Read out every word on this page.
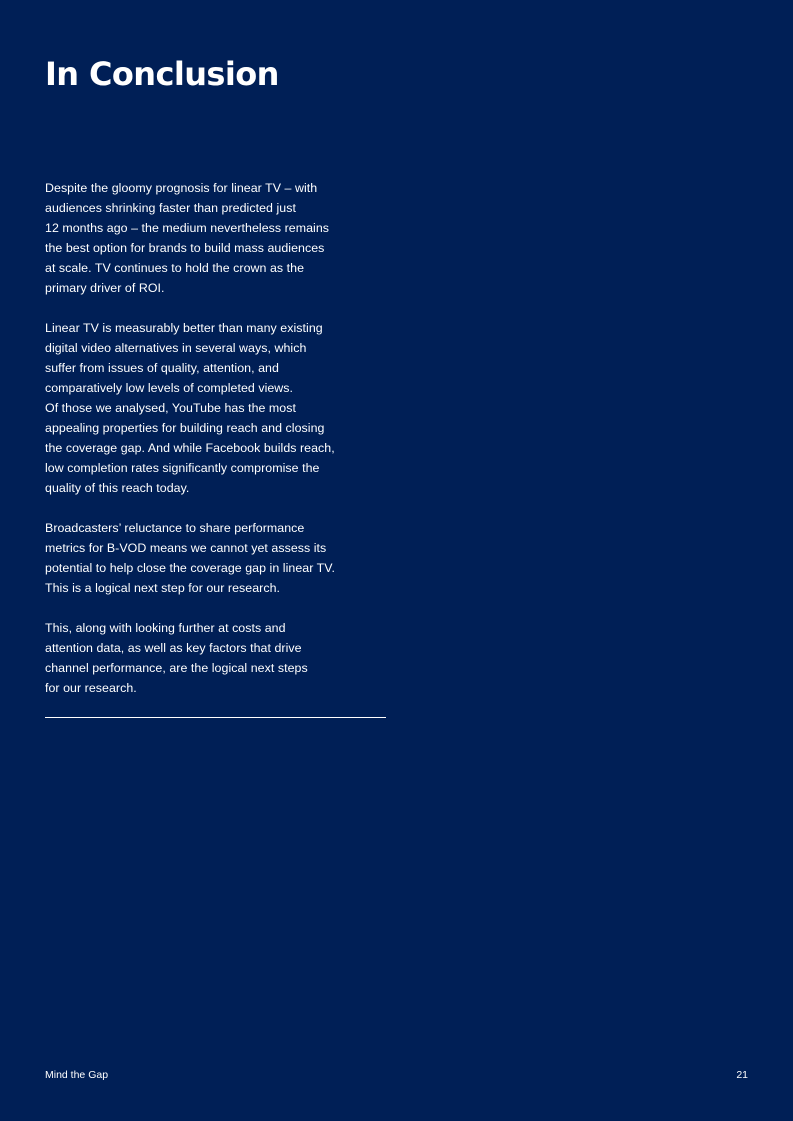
In Conclusion

Despite the gloomy prognosis for linear TV – with
audiences shrinking faster than predicted just
12 months ago – the medium nevertheless remains
the best option for brands to build mass audiences
at scale. TV continues to hold the crown as the
primary driver of ROI.

Linear TV is measurably better than many existing
digital video alternatives in several ways, which
suffer from issues of quality, attention, and
comparatively low levels of completed views.
Of those we analysed, YouTube has the most
appealing properties for building reach and closing
the coverage gap. And while Facebook builds reach,
low completion rates significantly compromise the
quality of this reach today.

Broadcasters’ reluctance to share performance
metrics for B-VOD means we cannot yet assess its
potential to help close the coverage gap in linear TV.
This is a logical next step for our research.

This, along with looking further at costs and
attention data, as well as key factors that drive
channel performance, are the logical next steps
for our research.

Mind the Gap	21
